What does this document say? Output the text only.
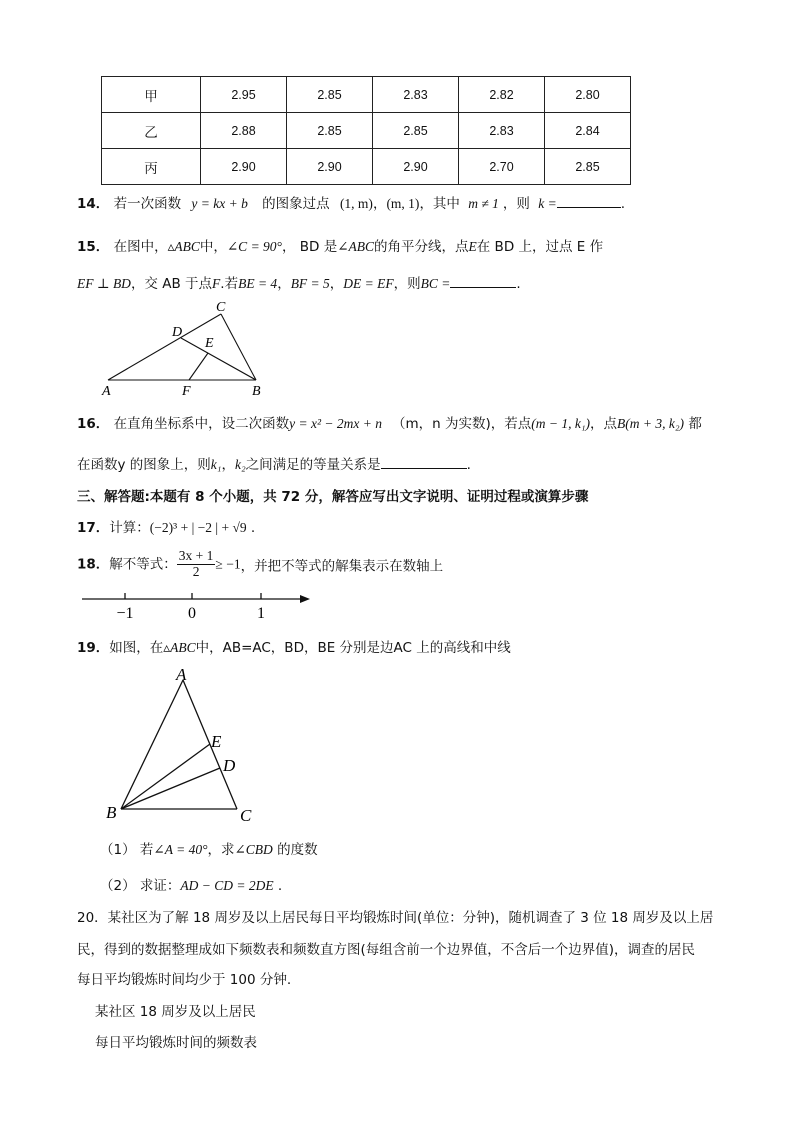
甲	2.95	2.85	2.83	2.82	2.80
乙	2.88	2.85	2.85	2.83	2.84
丙	2.90	2.90	2.90	2.70	2.85
14． 若一次函数 y = kx + b 的图象过点 (1, m)，(m, 1)，其中 m ≠ 1 ，则 k =	.
15． 在图中，▵ABC中，∠C = 90°， BD 是∠ABC的角平分线，点E在 BD 上，过点 E 作
EF ⊥ BD，交 AB 于点F.若BE = 4，BF = 5，DE = EF，则BC =	.
C
D
E
A	F	B
16． 在直角坐标系中，设二次函数y = x² − 2mx + n （m，n 为实数)，若点(m − 1, k₁)，点B(m + 3, k₂) 都
在函数y 的图象上，则k₁，k₂之间满足的等量关系是	.
三、解答题:本题有 8 个小题，共 72 分，解答应写出文字说明、证明过程或演算步骤
17．计算：(−2)³ + | −2 | + √9 .
18．解不等式： $\frac{3x + 1}{2} \ge -1$，并把不等式的解集表示在数轴上
−1	0	1
19．如图，在▵ABC中，AB=AC，BD，BE 分别是边AC 上的高线和中线
A
E
D
B	C
（1） 若∠A = 40°，求∠CBD 的度数
（2） 求证：AD − CD = 2DE .
20．某社区为了解 18 周岁及以上居民每日平均锻炼时间(单位：分钟)，随机调查了 3 位 18 周岁及以上居
民，得到的数据整理成如下频数表和频数直方图(每组含前一个边界值，不含后一个边界值)，调查的居民
每日平均锻炼时间均少于 100 分钟.
某社区 18 周岁及以上居民
每日平均锻炼时间的频数表
